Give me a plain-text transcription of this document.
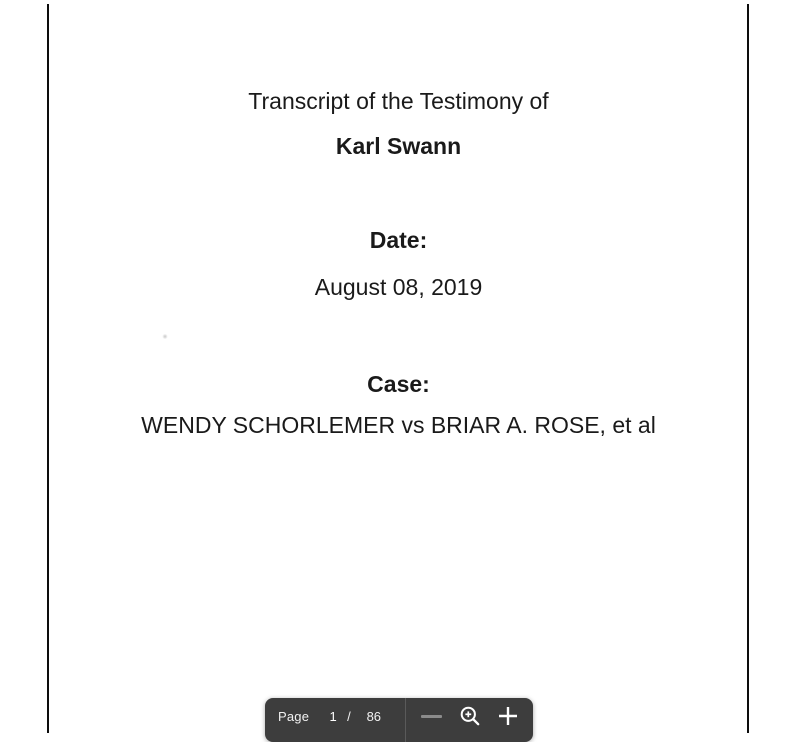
Transcript of the Testimony of
Karl Swann
Date:
August 08, 2019
Case:
WENDY SCHORLEMER vs BRIAR A. ROSE, et al
Page
1	/ 86
